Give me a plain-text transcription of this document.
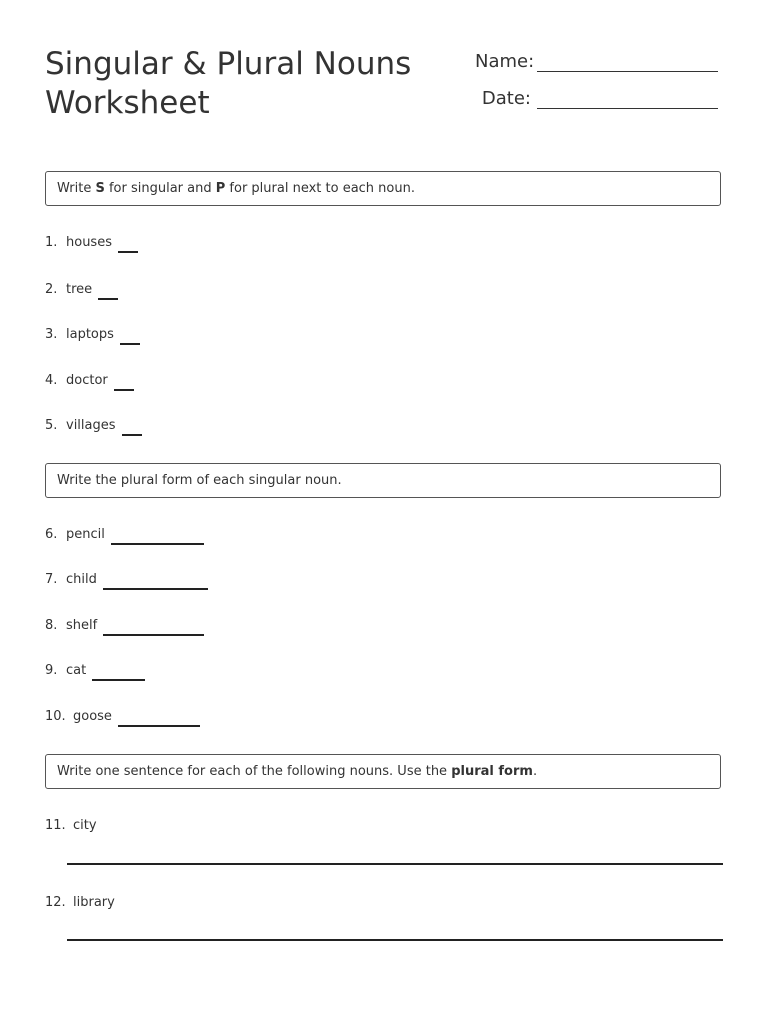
Singular & Plural Nouns
Worksheet
Name:
Date:
Write S for singular and P for plural next to each noun.
1. houses
2. tree
3. laptops
4. doctor
5. villages
Write the plural form of each singular noun.
6. pencil
7. child
8. shelf
9. cat
10. goose
Write one sentence for each of the following nouns. Use the plural form.
11. city
12. library
